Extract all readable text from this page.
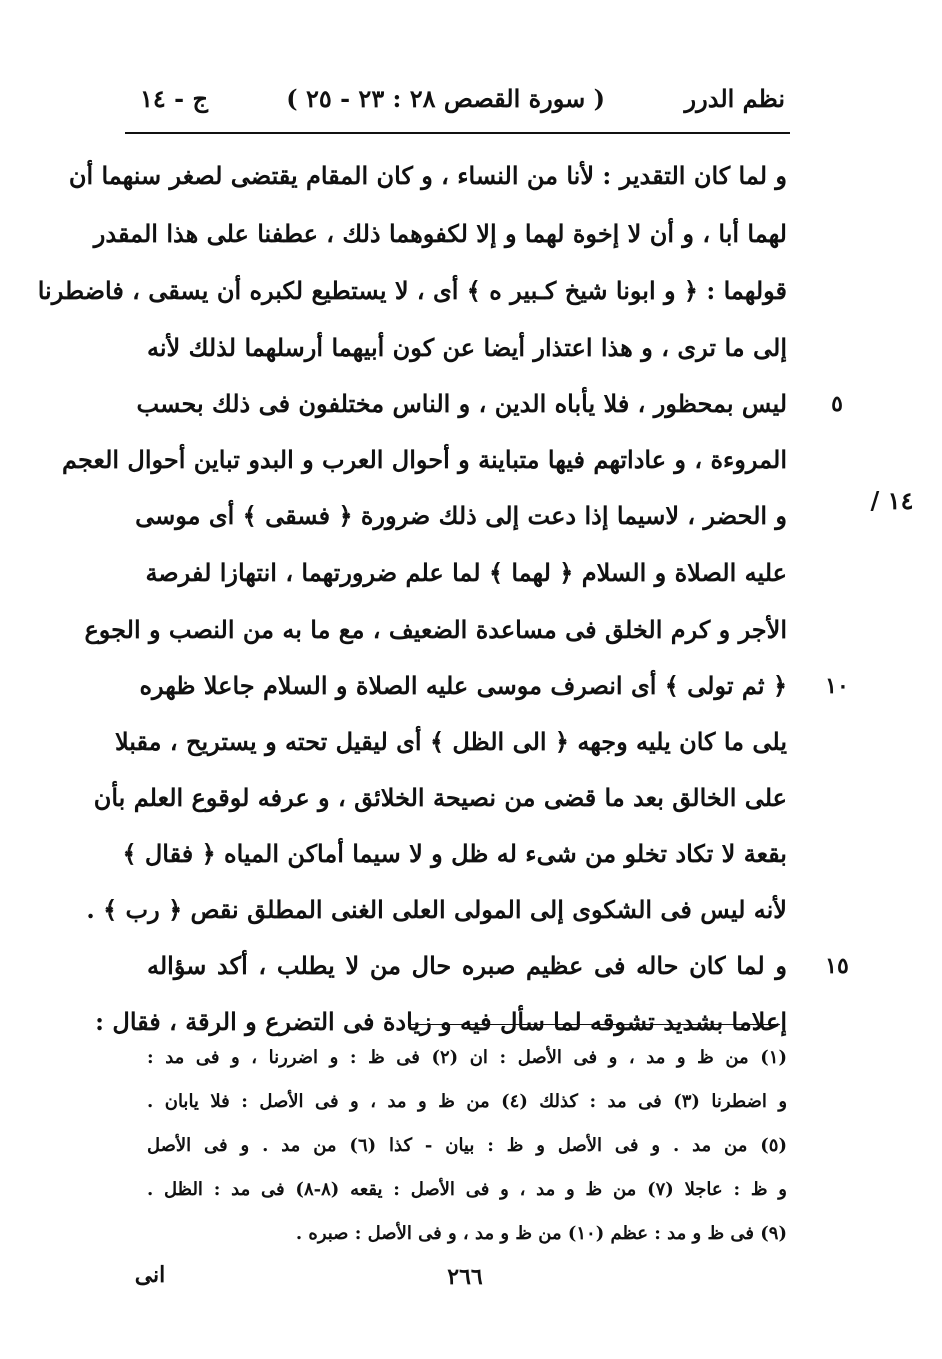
نظم الدرر
( سورة القصص ٢٨ : ٢٣ - ٢٥ )
ج - ١٤
١٤ /
و لما كان التقدير : لأنا من النساء ، و كان المقام يقتضى لصغر سنهما أن
لهما أبا ، و أن لا إخوة لهما و إلا لكفوهما ذلك ، عطفنا على هذا المقدر
قولهما : ﴿ و ابونا شيخ كـبير ه ﴾ أى ، لا يستطيع لكبره أن يسقى ، فاضطرنا
إلى ما ترى ، و هذا اعتذار أيضا عن كون أبيهما أرسلهما لذلك لأنه
ليس بمحظور ، فلا يأباه الدين ، و الناس مختلفون فى ذلك بحسب
المروءة ، و عاداتهم فيها متباينة و أحوال العرب و البدو تباين أحوال العجم
و الحضر ، لاسيما إذا دعت إلى ذلك ضرورة ﴿ فسقى ﴾ أى موسى
عليه الصلاة و السلام ﴿ لهما ﴾ لما علم ضرورتهما ، انتهازا لفرصة
الأجر و كرم الخلق فى مساعدة الضعيف ، مع ما به من النصب و الجوع
﴿ ثم تولى ﴾ أى انصرف موسى عليه الصلاة و السلام جاعلا ظهره
يلى ما كان يليه وجهه ﴿ الى الظل ﴾ أى ليقيل تحته و يستريح ، مقبلا
على الخالق بعد ما قضى من نصيحة الخلائق ، و عرفه لوقوع العلم بأن
بقعة لا تكاد تخلو من شىء له ظل و لا سيما أماكن المياه ﴿ فقال ﴾
لأنه ليس فى الشكوى إلى المولى العلى الغنى المطلق نقص ﴿ رب ﴾ .
و لما كان حاله فى عظيم صبره حال من لا يطلب ، أكد سؤاله
إعلاما بشديد تشوقه لما سأل فيه و زيادة فى التضرع و الرقة ، فقال :
٥
١٠
١٥
(١) من ظ و مد ، و فى الأصل : ان (٢) فى ظ : و اضررنا ، و فى مد :
و اضطرنا (٣) فى مد : كذلك (٤) من ظ و مد ، و فى الأصل : فلا يابان .
(٥) من مد . و فى الأصل و ظ : بيان - كذا (٦) من مد . و فى الأصل
و ظ : عاجلا (٧) من ظ و مد ، و فى الأصل : يقعه (٨-٨) فى مد : الظل .
(٩) فى ظ و مد : عظم (١٠) من ظ و مد ، و فى الأصل : صبره .
٢٦٦
انى
